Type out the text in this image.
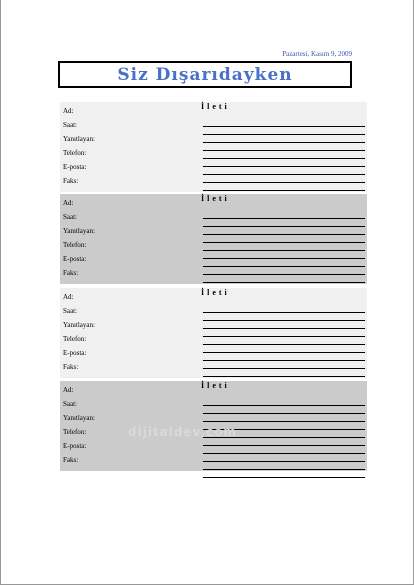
Pazartesi, Kasım 9, 2009
Siz Dışarıdayken
Ad:
Saat:
Yanıtlayan:
Telefon:
E-posta:
Faks:
İleti
Ad:
Saat:
Yanıtlayan:
Telefon:
E-posta:
Faks:
İleti
Ad:
Saat:
Yanıtlayan:
Telefon:
E-posta:
Faks:
İleti
Ad:
Saat:
Yanıtlayan:
Telefon:
E-posta:
Faks:
İleti
dijitaldev.com
